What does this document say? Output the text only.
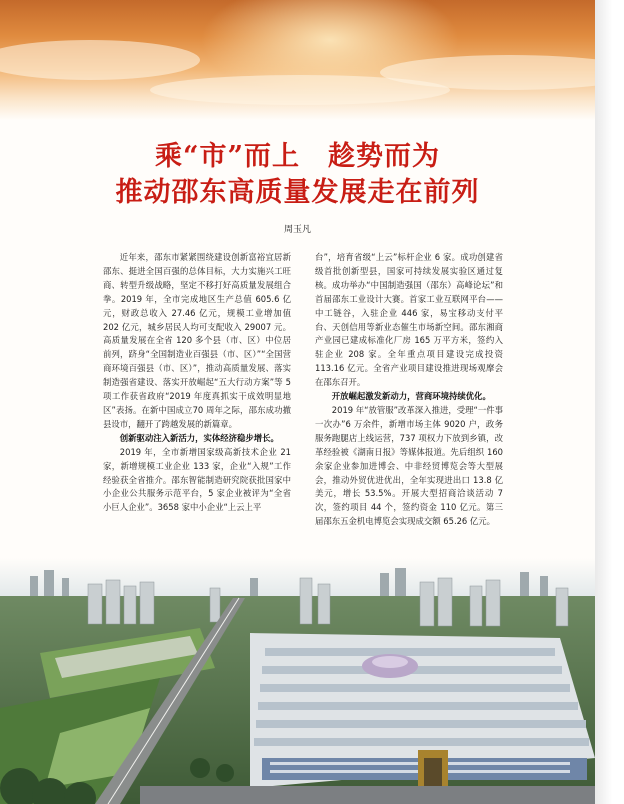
乘“市”而上　趁势而为
推动邵东高质量发展走在前列
周玉凡

近年来，邵东市紧紧围绕建设创新富裕宜居新邵东、挺进全国百强的总体目标，大力实施兴工旺商、转型升级战略，坚定不移打好高质量发展组合拳。2019 年，全市完成地区生产总值 605.6 亿元，财政总收入 27.46 亿元，规模工业增加值 202 亿元，城乡居民人均可支配收入 29007 元。高质量发展在全省 120 多个县（市、区）中位居前列，跻身“全国制造业百强县（市、区）”“全国营商环境百强县（市、区）”，推动高质量发展、落实制造强省建设、落实开放崛起“五大行动方案”等 5 项工作获省政府“2019 年度真抓实干成效明显地区”表扬。在新中国成立70 周年之际，邵东成功撤县设市，翻开了跨越发展的新篇章。

创新驱动注入新活力，实体经济稳步增长。

2019 年，全市新增国家级高新技术企业 21 家，新增规模工业企业 133 家，企业“入规”工作经验获全省推介。邵东智能制造研究院获批国家中小企业公共服务示范平台，5 家企业被评为“全省小巨人企业”。3658 家中小企业“上云上平

台”，培育省级“上云”标杆企业 6 家。成功创建省级首批创新型县，国家可持续发展实验区通过复核。成功举办“中国制造强国（邵东）高峰论坛”和首届邵东工业设计大赛。首家工业互联网平台——中工链谷，入驻企业 446 家，易宝移动支付平台、天创信用等新业态催生市场新空间。邵东湘商产业园已建成标准化厂房 165 万平方米，签约入驻企业 208 家。全年重点项目建设完成投资 113.16 亿元。全省产业项目建设推进现场观摩会在邵东召开。

开放崛起激发新动力，营商环境持续优化。

2019 年“放管服”改革深入推进，受理“一件事一次办”6 万余件，新增市场主体 9020 户，政务服务跑腿店上线运营，737 项权力下放到乡镇，改革经验被《湖南日报》等媒体报道。先后组织 160 余家企业参加进博会、中非经贸博览会等大型展会，推动外贸优进优出，全年实现进出口 13.8 亿美元，增长 53.5%。开展大型招商洽谈活动 7 次，签约项目 44 个，签约资金 110 亿元。第三届邵东五金机电博览会实现成交额 65.26 亿元。
